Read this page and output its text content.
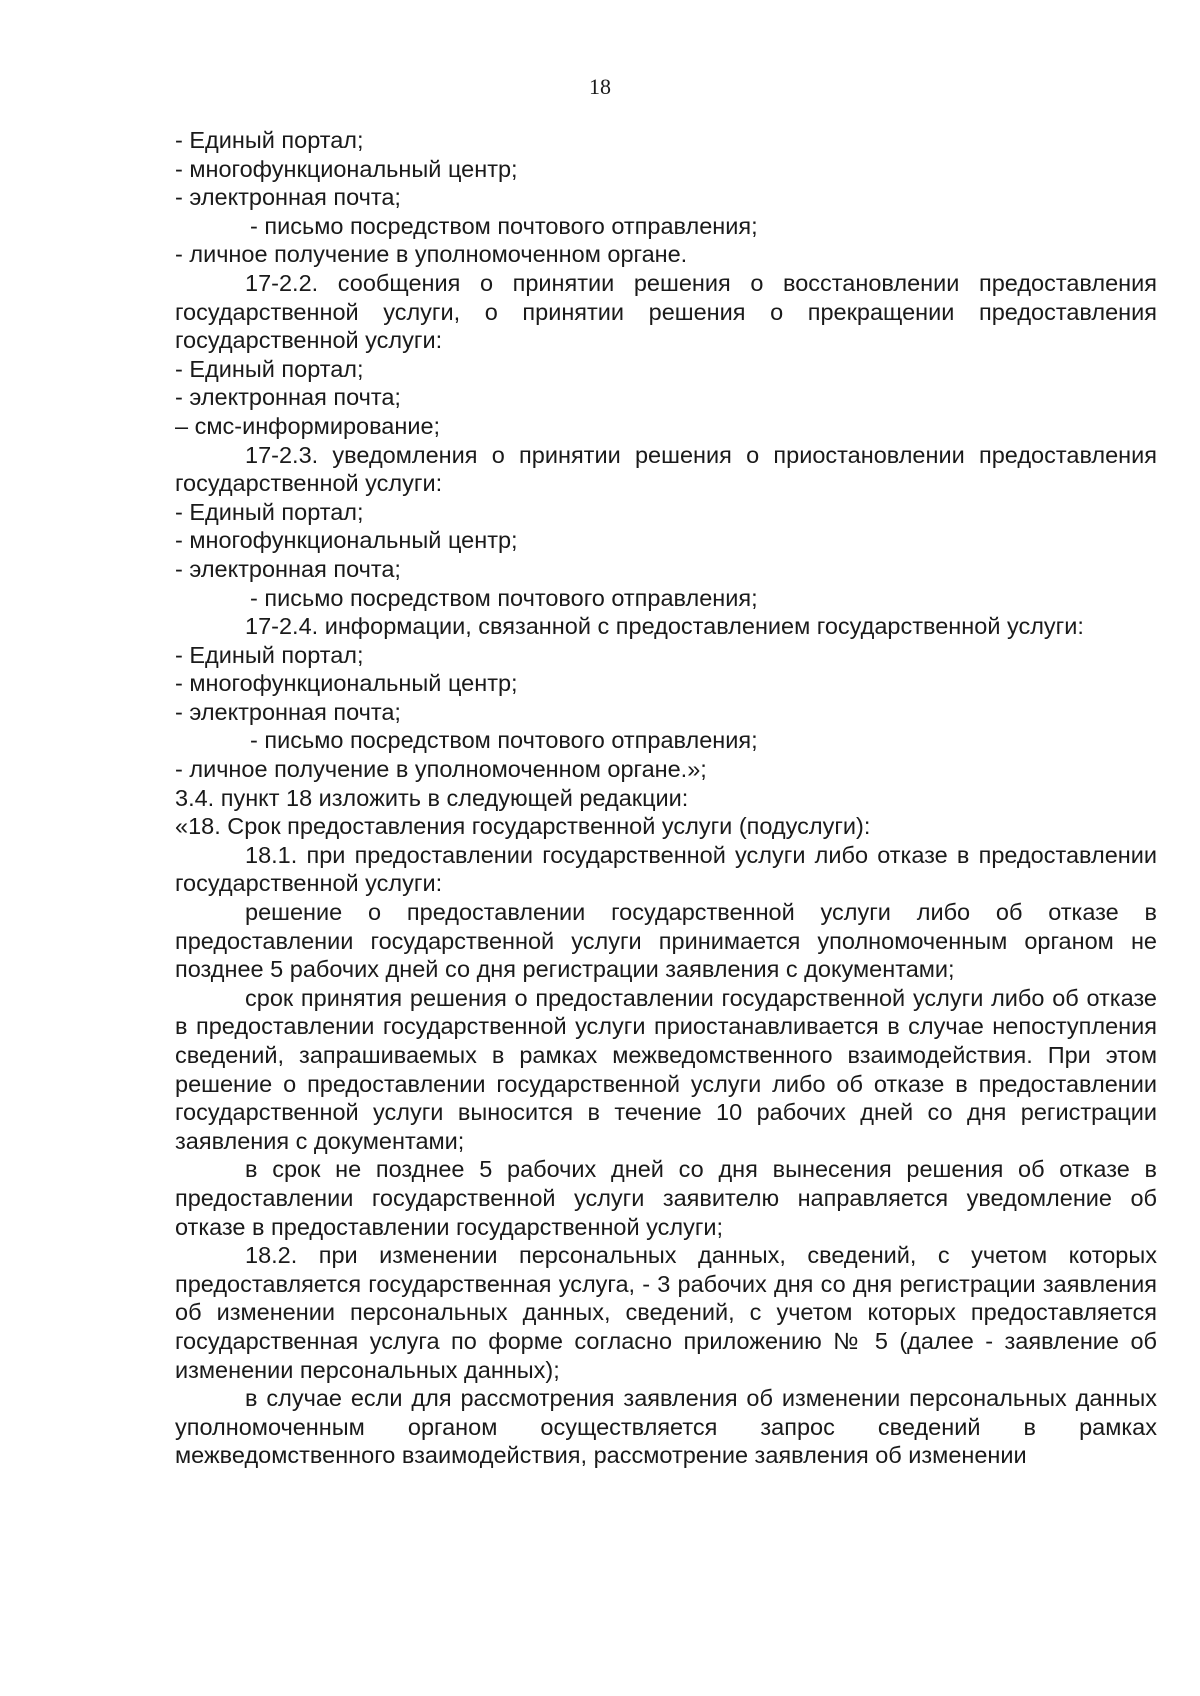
18

- Единый портал;

- многофункциональный центр;

- электронная почта;

- письмо посредством почтового отправления;

- личное получение в уполномоченном органе.

17-2.2. сообщения о принятии решения о восстановлении предоставления государственной услуги, о принятии решения о прекращении предоставления государственной услуги:

- Единый портал;

- электронная почта;

– смс-информирование;

17-2.3. уведомления о принятии решения о приостановлении предоставления государственной услуги:

- Единый портал;

- многофункциональный центр;

- электронная почта;

- письмо посредством почтового отправления;

17-2.4. информации, связанной с предоставлением государственной услуги:

- Единый портал;

- многофункциональный центр;

- электронная почта;

- письмо посредством почтового отправления;

- личное получение в уполномоченном органе.»;

3.4. пункт 18 изложить в следующей редакции:

«18. Срок предоставления государственной услуги (подуслуги):

18.1. при предоставлении государственной услуги либо отказе в предоставлении государственной услуги:

решение о предоставлении государственной услуги либо об отказе в предоставлении государственной услуги принимается уполномоченным органом не позднее 5 рабочих дней со дня регистрации заявления с документами;

срок принятия решения о предоставлении государственной услуги либо об отказе в предоставлении государственной услуги приостанавливается в случае непоступления сведений, запрашиваемых в рамках межведомственного взаимодействия. При этом решение о предоставлении государственной услуги либо об отказе в предоставлении государственной услуги выносится в течение 10 рабочих дней со дня регистрации заявления с документами;

в срок не позднее 5 рабочих дней со дня вынесения решения об отказе в предоставлении государственной услуги заявителю направляется уведомление об отказе в предоставлении государственной услуги;

18.2. при изменении персональных данных, сведений, с учетом которых предоставляется государственная услуга, - 3 рабочих дня со дня регистрации заявления об изменении персональных данных, сведений, с учетом которых предоставляется государственная услуга по форме согласно приложению № 5 (далее - заявление об изменении персональных данных);

в случае если для рассмотрения заявления об изменении персональных данных уполномоченным органом осуществляется запрос сведений в рамках межведомственного взаимодействия, рассмотрение заявления об изменении
